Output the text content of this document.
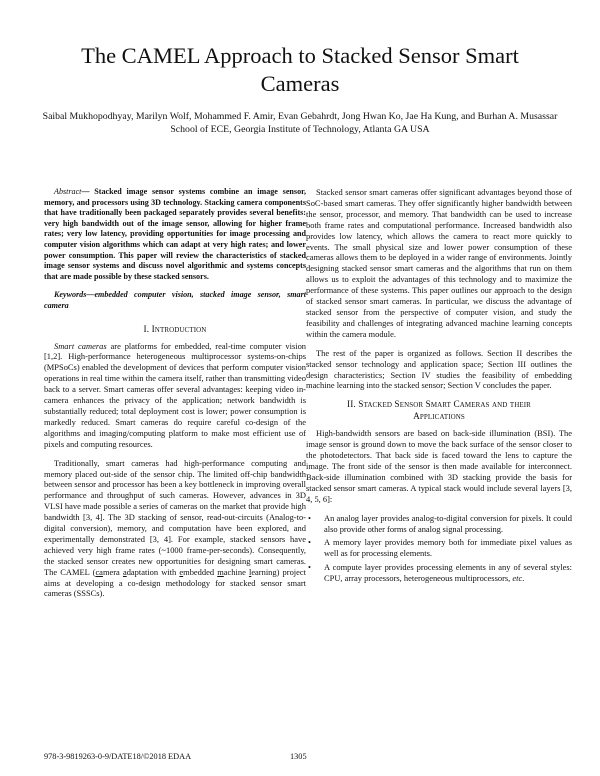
The CAMEL Approach to Stacked Sensor Smart Cameras
Saibal Mukhopodhyay, Marilyn Wolf, Mohammed F. Amir, Evan Gebahrdt, Jong Hwan Ko, Jae Ha Kung, and Burhan A. Musassar
School of ECE, Georgia Institute of Technology, Atlanta GA USA

Abstract— Stacked image sensor systems combine an image sensor, memory, and processors using 3D technology. Stacking camera components that have traditionally been packaged separately provides several benefits: very high bandwidth out of the image sensor, allowing for higher frame rates; very low latency, providing opportunities for image processing and computer vision algorithms which can adapt at very high rates; and lower power consumption. This paper will review the characteristics of stacked image sensor systems and discuss novel algorithmic and systems concepts that are made possible by these stacked sensors.

Keywords—embedded computer vision, stacked image sensor, smart camera

I. Introduction

Smart cameras are platforms for embedded, real-time computer vision [1,2]. High-performance heterogeneous multiprocessor systems-on-chips (MPSoCs) enabled the development of devices that perform computer vision operations in real time within the camera itself, rather than transmitting video back to a server. Smart cameras offer several advantages: keeping video in-camera enhances the privacy of the application; network bandwidth is substantially reduced; total deployment cost is lower; power consumption is markedly reduced. Smart cameras do require careful co-design of the algorithms and imaging/computing platform to make most efficient use of pixels and computing resources.

Traditionally, smart cameras had high-performance computing and memory placed out-side of the sensor chip. The limited off-chip bandwidth between sensor and processor has been a key bottleneck in improving overall performance and throughput of such cameras. However, advances in 3D VLSI have made possible a series of cameras on the market that provide high bandwidth [3, 4]. The 3D stacking of sensor, read-out-circuits (Analog-to-digital conversion), memory, and computation have been explored, and experimentally demonstrated [3, 4]. For example, stacked sensors have achieved very high frame rates (~1000 frame-per-seconds). Consequently, the stacked sensor creates new opportunities for designing smart cameras. The CAMEL (camera adaptation with embedded machine learning) project aims at developing a co-design methodology for stacked sensor smart cameras (SSSCs).

Stacked sensor smart cameras offer significant advantages beyond those of SoC-based smart cameras. They offer significantly higher bandwidth between the sensor, processor, and memory. That bandwidth can be used to increase both frame rates and computational performance. Increased bandwidth also provides low latency, which allows the camera to react more quickly to events. The small physical size and lower power consumption of these cameras allows them to be deployed in a wider range of environments. Jointly designing stacked sensor smart cameras and the algorithms that run on them allows us to exploit the advantages of this technology and to maximize the performance of these systems. This paper outlines our approach to the design of stacked sensor smart cameras. In particular, we discuss the advantage of stacked sensor from the perspective of computer vision, and study the feasibility and challenges of integrating advanced machine learning concepts within the camera module.

The rest of the paper is organized as follows. Section II describes the stacked sensor technology and application space; Section III outlines the design characteristics; Section IV studies the feasibility of embedding machine learning into the stacked sensor; Section V concludes the paper.

II. Stacked Sensor Smart Cameras and their
Applications

High-bandwidth sensors are based on back-side illumination (BSI). The image sensor is ground down to move the back surface of the sensor closer to the photodetectors. That back side is faced toward the lens to capture the image. The front side of the sensor is then made available for interconnect. Back-side illumination combined with 3D stacking provide the basis for stacked sensor smart cameras. A typical stack would include several layers [3, 4, 5, 6]:

• An analog layer provides analog-to-digital conversion for pixels. It could also provide other forms of analog signal processing.
• A memory layer provides memory both for immediate pixel values as well as for processing elements.
• A compute layer provides processing elements in any of several styles: CPU, array processors, heterogeneous multiprocessors, etc.
978-3-9819263-0-9/DATE18/©2018 EDAA	1305
